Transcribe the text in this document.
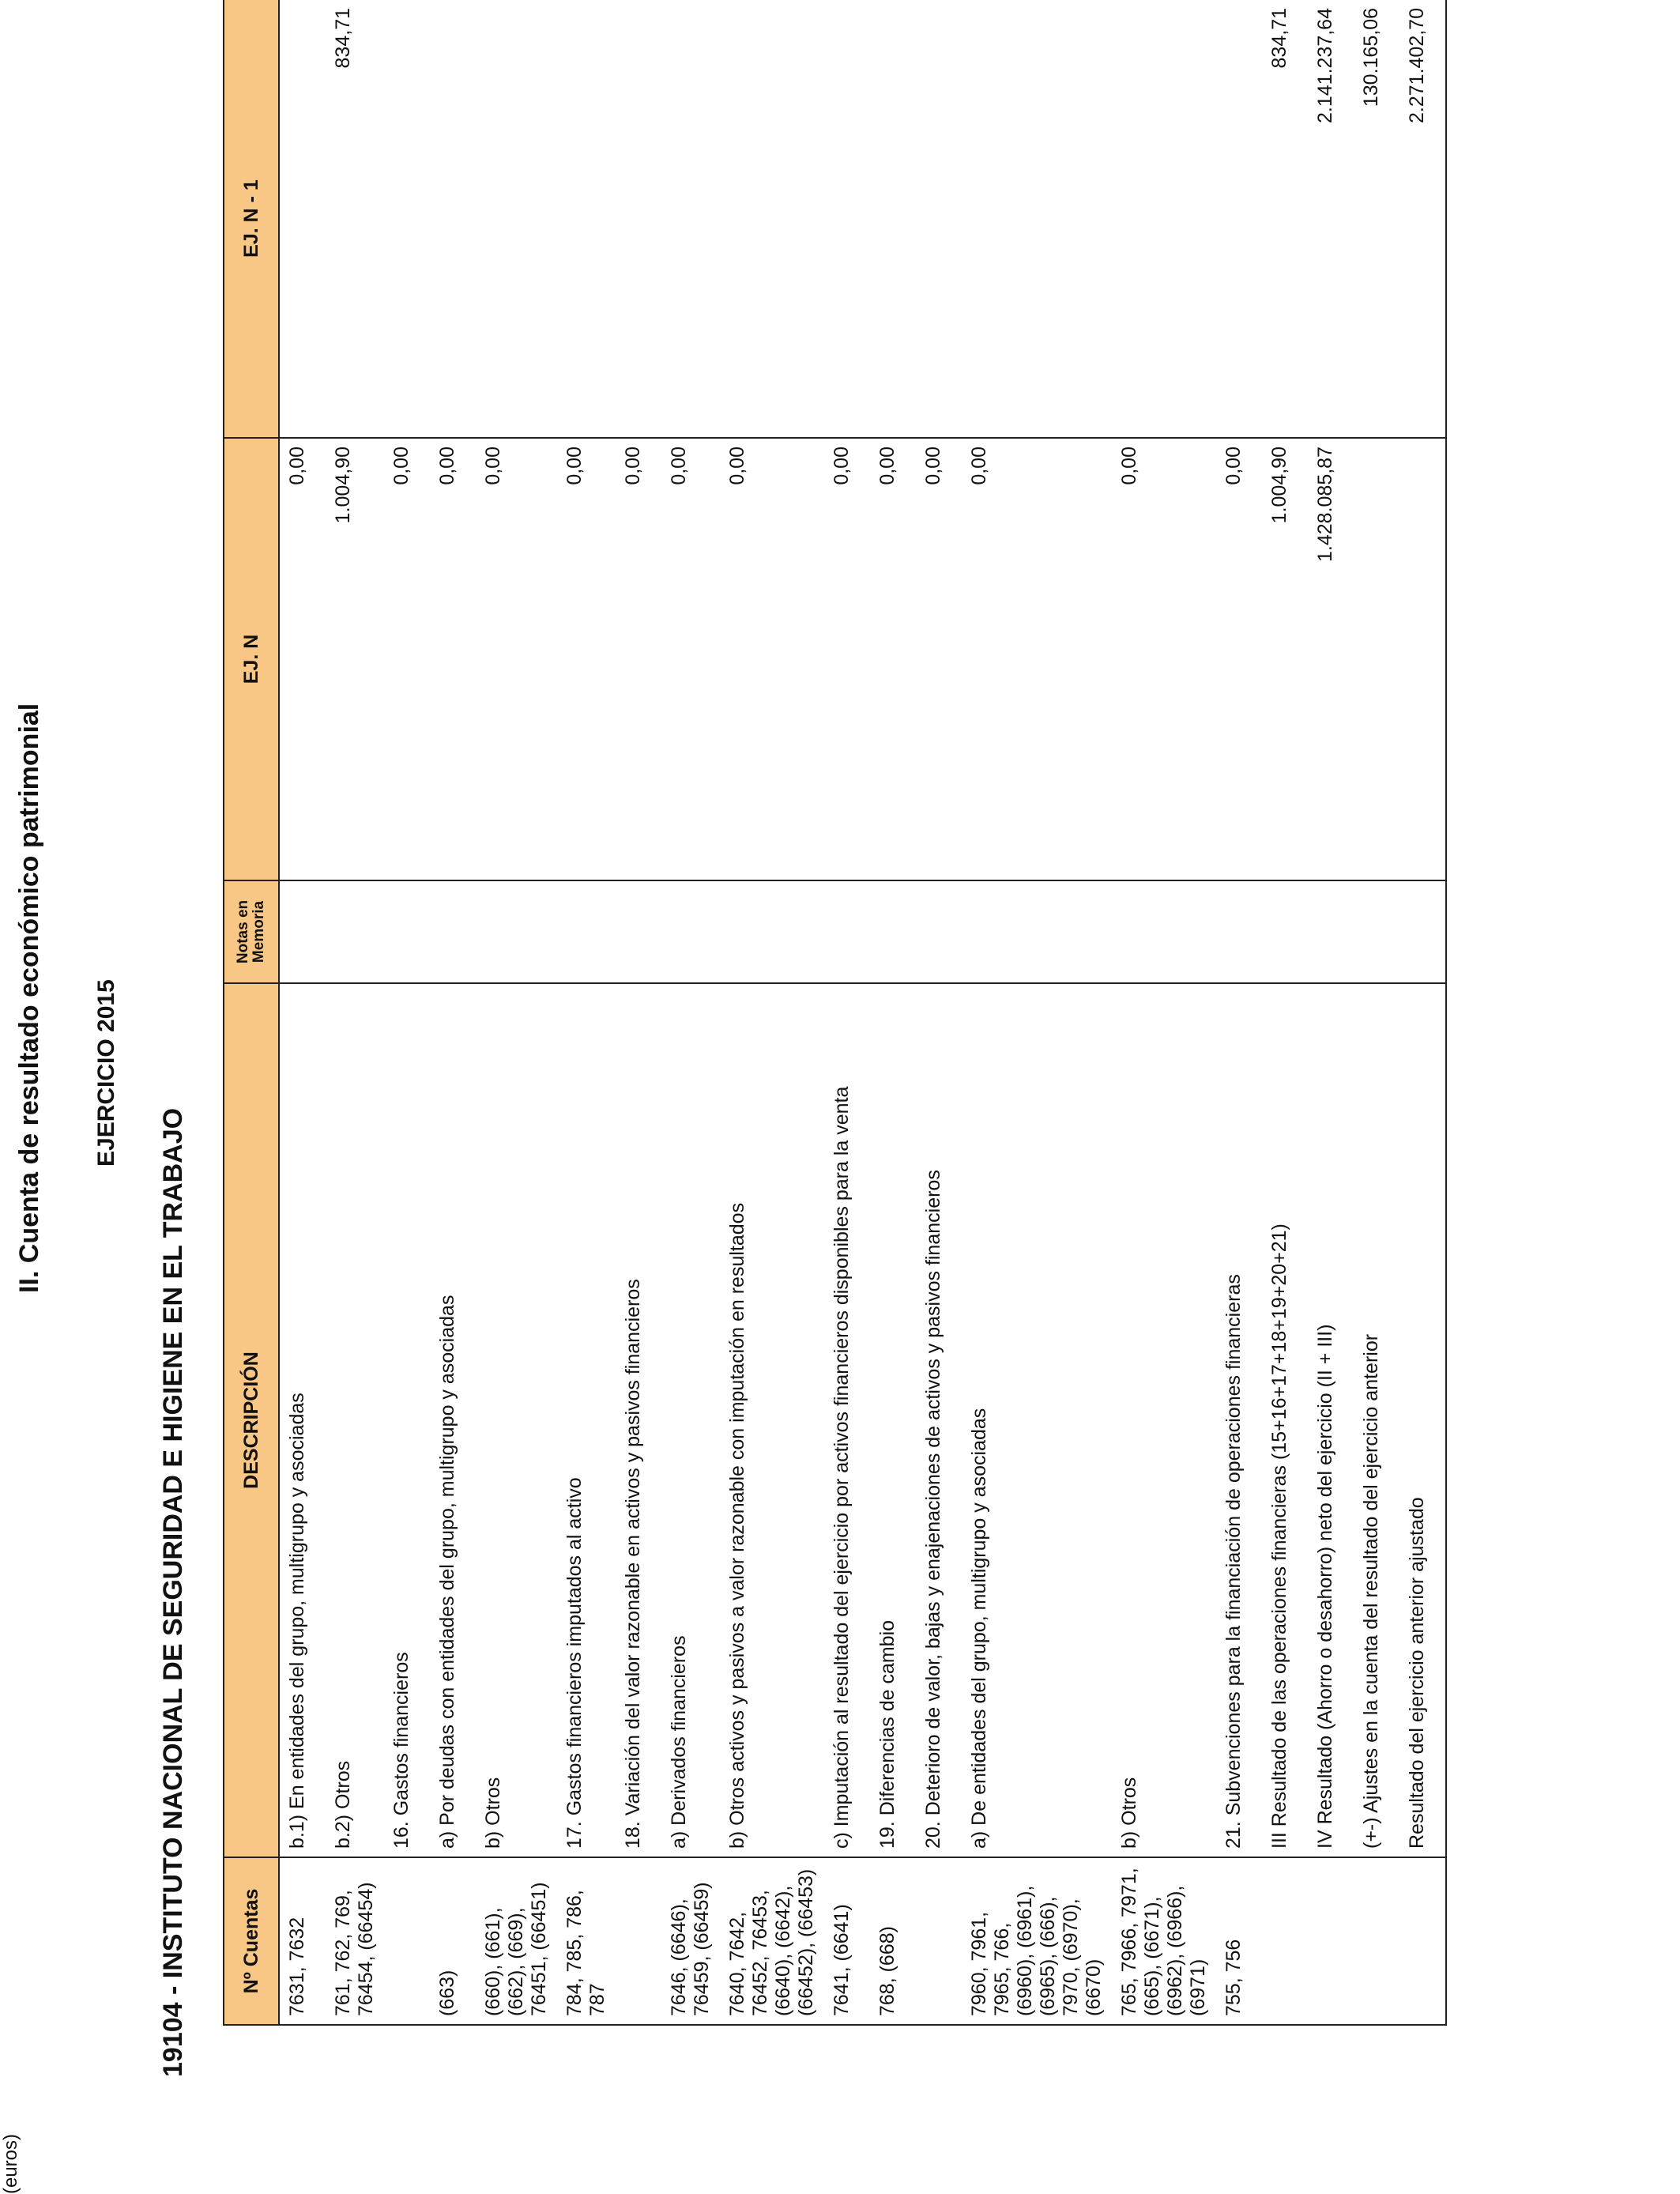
II. Cuenta de resultado económico patrimonial EJERCICIO 2015
19104 - INSTITUTO NACIONAL DE SEGURIDAD E HIGIENE EN EL TRABAJO
(euros)
Nº Cuentas	DESCRIPCIÓN	Notas en Memoria	EJ. N	EJ. N - 1
7631, 7632	b.1) En entidades del grupo, multigrupo y asociadas		0,00	
761, 762, 769, 76454, (66454)	b.2) Otros		1.004,90	834,71
	16. Gastos financieros		0,00	
(663)	a) Por deudas con entidades del grupo, multigrupo y asociadas		0,00	
(660), (661), (662), (669), 76451, (66451)	b) Otros		0,00	
784, 785, 786, 787	17. Gastos financieros imputados al activo		0,00	
	18. Variación del valor razonable en activos y pasivos financieros		0,00	
7646, (6646), 76459, (66459)	a) Derivados financieros		0,00	
7640, 7642, 76452, 76453, (6640), (6642), (66452), (66453)	b) Otros activos y pasivos a valor razonable con imputación en resultados		0,00	
7641, (6641)	c) Imputación al resultado del ejercicio por activos financieros disponibles para la venta		0,00	
768, (668)	19. Diferencias de cambio		0,00	
	20. Deterioro de valor, bajas y enajenaciones de activos y pasivos financieros		0,00	
7960, 7961, 7965, 766, (6960), (6961), (6965), (666), 7970, (6970), (6670)	a) De entidades del grupo, multigrupo y asociadas		0,00	
765, 7966, 7971, (665), (6671), (6962), (6966), (6971)	b) Otros		0,00	
755, 756	21. Subvenciones para la financiación de operaciones financieras		0,00	
	III Resultado de las operaciones financieras (15+16+17+18+19+20+21)		1.004,90	834,71
	IV Resultado (Ahorro o desahorro) neto del ejercicio (II + III)		1.428.085,87	2.141.237,64
	(+-) Ajustes en la cuenta del resultado del ejercicio anterior			130.165,06
	Resultado del ejercicio anterior ajustado			2.271.402,70
